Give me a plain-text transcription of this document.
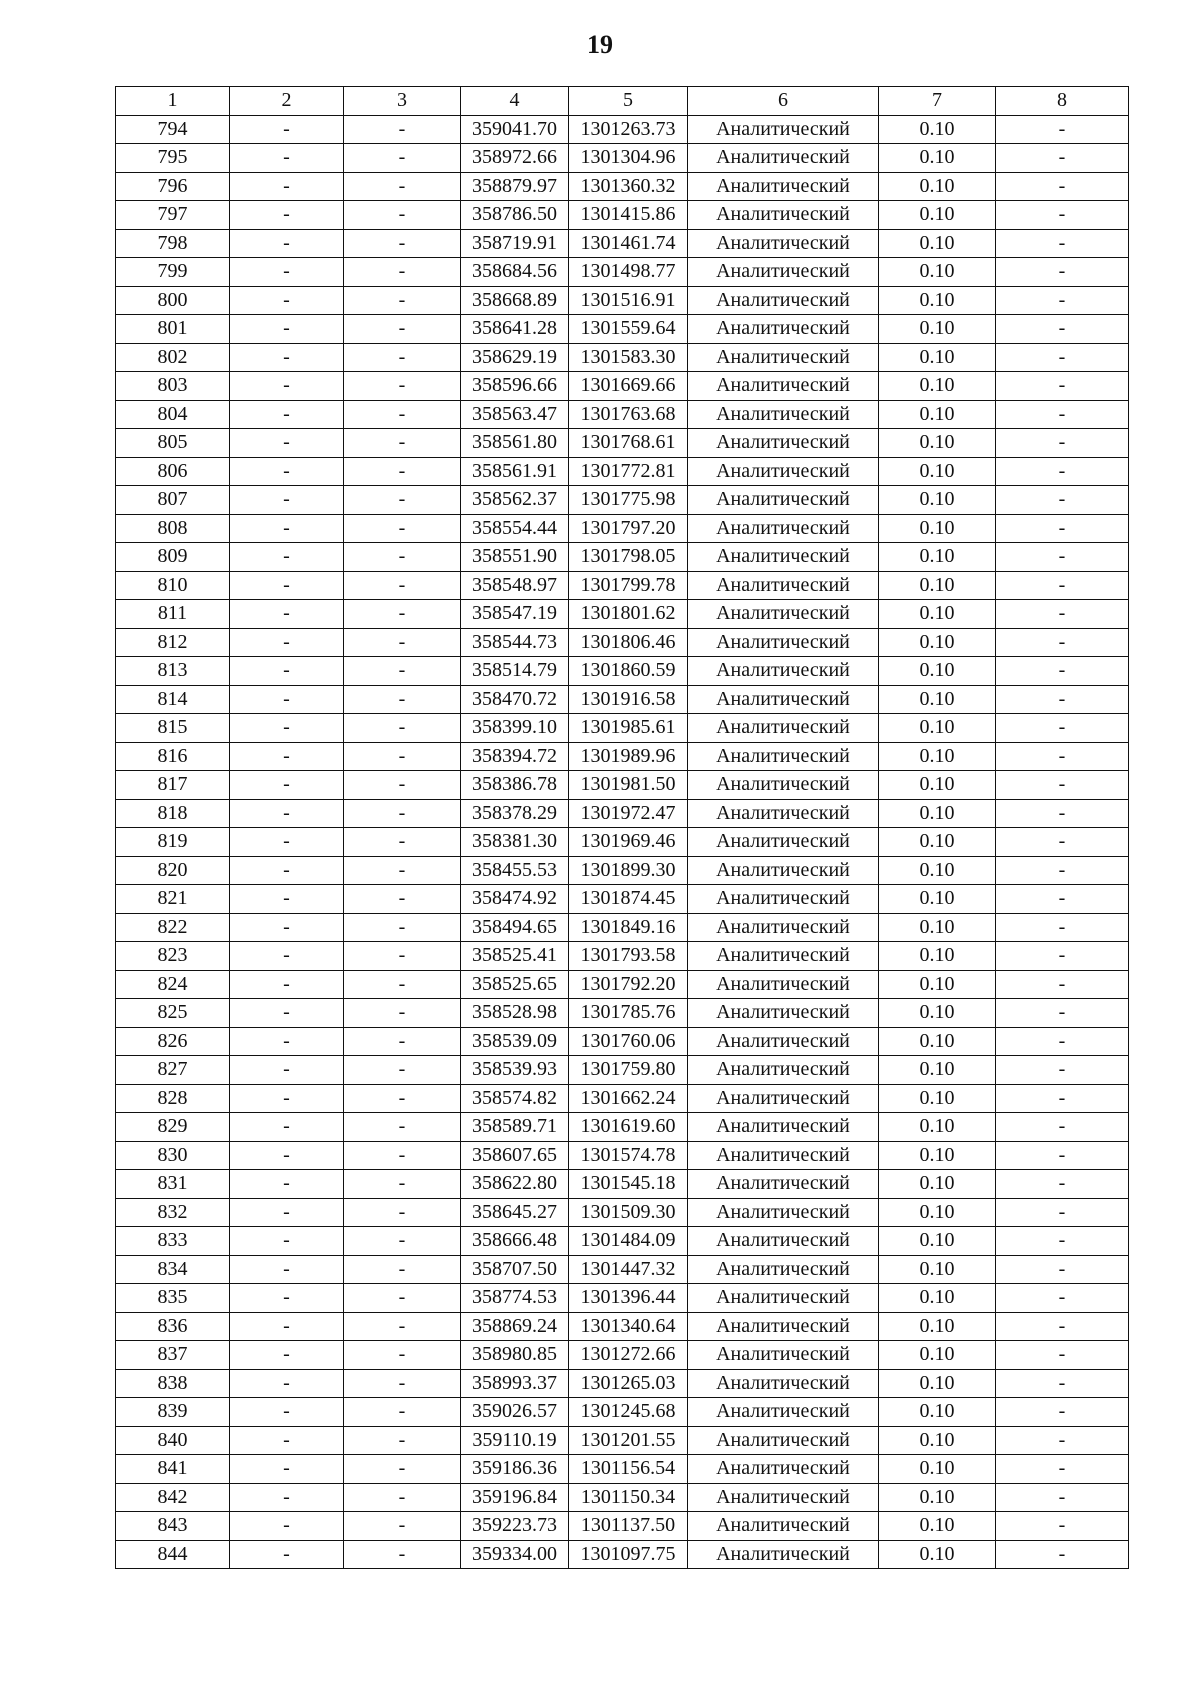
19
1	2	3	4	5	6	7	8
794	-	-	359041.70	1301263.73	Аналитический	0.10	-
795	-	-	358972.66	1301304.96	Аналитический	0.10	-
796	-	-	358879.97	1301360.32	Аналитический	0.10	-
797	-	-	358786.50	1301415.86	Аналитический	0.10	-
798	-	-	358719.91	1301461.74	Аналитический	0.10	-
799	-	-	358684.56	1301498.77	Аналитический	0.10	-
800	-	-	358668.89	1301516.91	Аналитический	0.10	-
801	-	-	358641.28	1301559.64	Аналитический	0.10	-
802	-	-	358629.19	1301583.30	Аналитический	0.10	-
803	-	-	358596.66	1301669.66	Аналитический	0.10	-
804	-	-	358563.47	1301763.68	Аналитический	0.10	-
805	-	-	358561.80	1301768.61	Аналитический	0.10	-
806	-	-	358561.91	1301772.81	Аналитический	0.10	-
807	-	-	358562.37	1301775.98	Аналитический	0.10	-
808	-	-	358554.44	1301797.20	Аналитический	0.10	-
809	-	-	358551.90	1301798.05	Аналитический	0.10	-
810	-	-	358548.97	1301799.78	Аналитический	0.10	-
811	-	-	358547.19	1301801.62	Аналитический	0.10	-
812	-	-	358544.73	1301806.46	Аналитический	0.10	-
813	-	-	358514.79	1301860.59	Аналитический	0.10	-
814	-	-	358470.72	1301916.58	Аналитический	0.10	-
815	-	-	358399.10	1301985.61	Аналитический	0.10	-
816	-	-	358394.72	1301989.96	Аналитический	0.10	-
817	-	-	358386.78	1301981.50	Аналитический	0.10	-
818	-	-	358378.29	1301972.47	Аналитический	0.10	-
819	-	-	358381.30	1301969.46	Аналитический	0.10	-
820	-	-	358455.53	1301899.30	Аналитический	0.10	-
821	-	-	358474.92	1301874.45	Аналитический	0.10	-
822	-	-	358494.65	1301849.16	Аналитический	0.10	-
823	-	-	358525.41	1301793.58	Аналитический	0.10	-
824	-	-	358525.65	1301792.20	Аналитический	0.10	-
825	-	-	358528.98	1301785.76	Аналитический	0.10	-
826	-	-	358539.09	1301760.06	Аналитический	0.10	-
827	-	-	358539.93	1301759.80	Аналитический	0.10	-
828	-	-	358574.82	1301662.24	Аналитический	0.10	-
829	-	-	358589.71	1301619.60	Аналитический	0.10	-
830	-	-	358607.65	1301574.78	Аналитический	0.10	-
831	-	-	358622.80	1301545.18	Аналитический	0.10	-
832	-	-	358645.27	1301509.30	Аналитический	0.10	-
833	-	-	358666.48	1301484.09	Аналитический	0.10	-
834	-	-	358707.50	1301447.32	Аналитический	0.10	-
835	-	-	358774.53	1301396.44	Аналитический	0.10	-
836	-	-	358869.24	1301340.64	Аналитический	0.10	-
837	-	-	358980.85	1301272.66	Аналитический	0.10	-
838	-	-	358993.37	1301265.03	Аналитический	0.10	-
839	-	-	359026.57	1301245.68	Аналитический	0.10	-
840	-	-	359110.19	1301201.55	Аналитический	0.10	-
841	-	-	359186.36	1301156.54	Аналитический	0.10	-
842	-	-	359196.84	1301150.34	Аналитический	0.10	-
843	-	-	359223.73	1301137.50	Аналитический	0.10	-
844	-	-	359334.00	1301097.75	Аналитический	0.10	-
